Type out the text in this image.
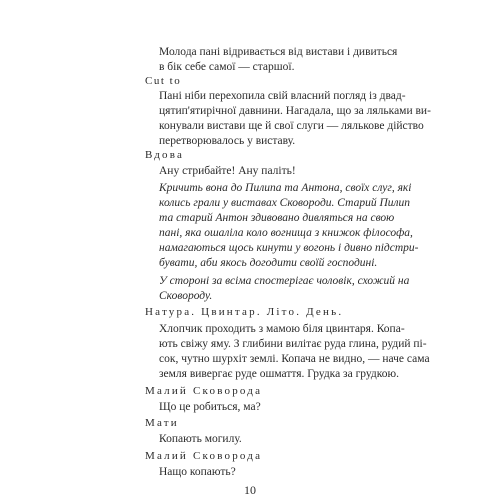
Молода пані відривається від вистави і дивиться
в бік себе самої — старшої.
Cut to
Пані ніби перехопила свій власний погляд із двад-
цятип'ятирічної давнини. Нагадала, що за ляльками ви-
конували вистави ще й свої слуги — ляльковe дійство
перетворювалось у виставу.
Вдова
Ану стрибайте! Ану паліть!
Кричить вона до Пилипа та Антона, своїх слуг, які
колись грали у виставах Сковороди. Старий Пилип
та старий Антон здивовано дивляться на свою
пані, яка ошаліла коло вогнища з книжок філософа,
намагаються щось кинути у вогонь і дивно підстри-
бувати, аби якось догодити своїй господині.
У стороні за всіма спостерігає чоловік, схожий на
Сковороду.
Натура. Цвинтар. Літо. День.
Хлопчик проходить з мамою біля цвинтаря. Копа-
ють свіжу яму. З глибини вилітає руда глина, рудий пі-
сок, чутно шурхіт землі. Копача не видно, — наче сама
земля вивергає руде ошмаття. Грудка за грудкою.
Малий Сковорода
Що це робиться, ма?
Мати
Копають могилу.
Малий Сковорода
Нащо копають?
10
